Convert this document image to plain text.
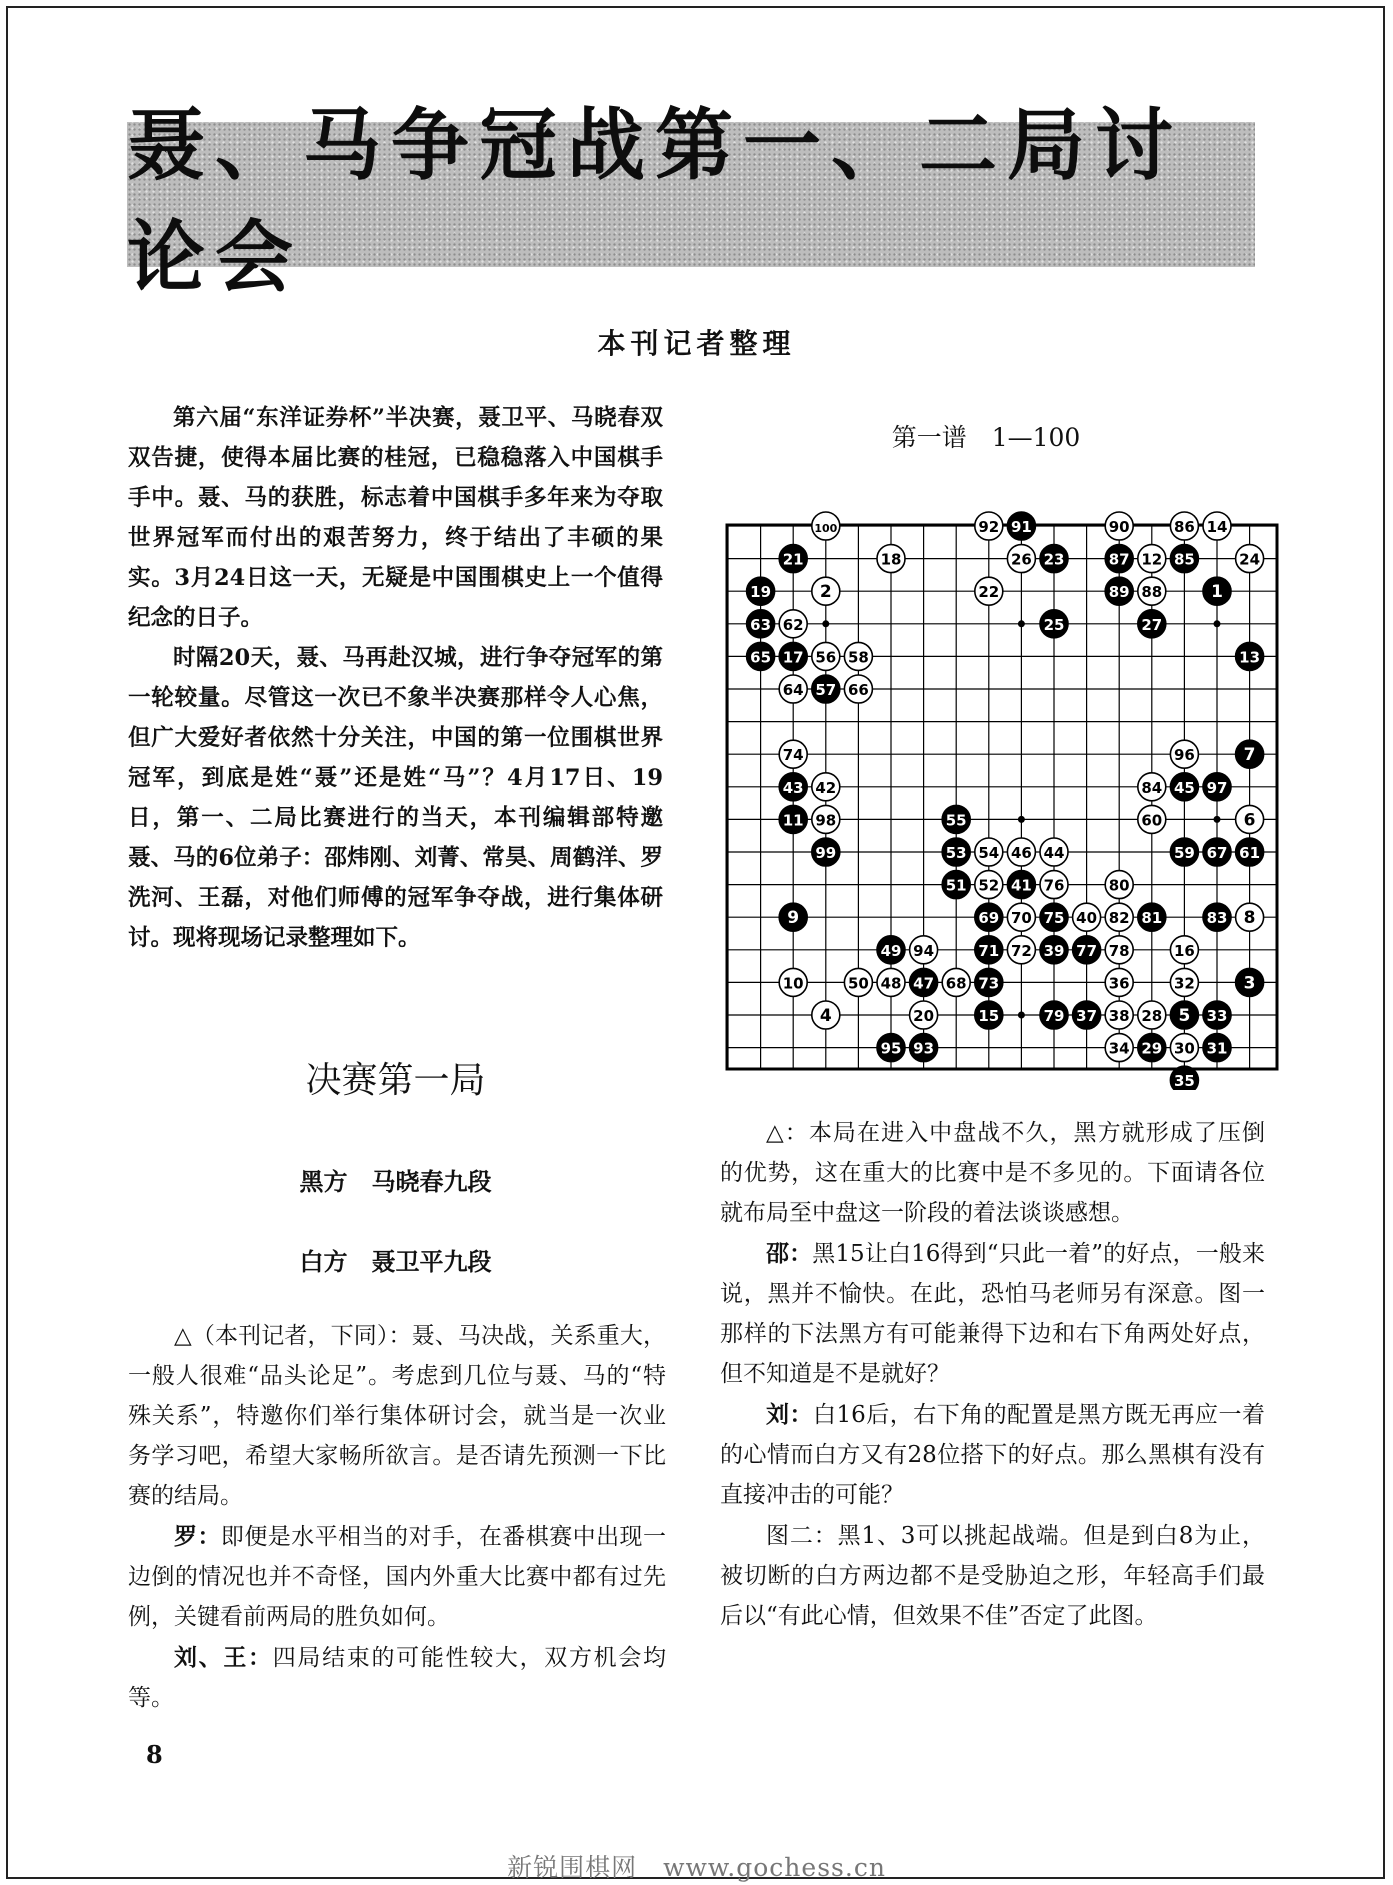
聂、马争冠战第一、二局讨论会
本刊记者整理

第六届“东洋证券杯”半决赛，聂卫平、马晓春双双告捷，使得本届比赛的桂冠，已稳稳落入中国棋手手中。聂、马的获胜，标志着中国棋手多年来为夺取世界冠军而付出的艰苦努力，终于结出了丰硕的果实。3月24日这一天，无疑是中国围棋史上一个值得纪念的日子。

时隔20天，聂、马再赴汉城，进行争夺冠军的第一轮较量。尽管这一次已不象半决赛那样令人心焦，但广大爱好者依然十分关注，中国的第一位围棋世界冠军，到底是姓“聂”还是姓“马”？4月17日、19日，第一、二局比赛进行的当天，本刊编辑部特邀聂、马的6位弟子：邵炜刚、刘菁、常昊、周鹤洋、罗洗河、王磊，对他们师傅的冠军争夺战，进行集体研讨。现将现场记录整理如下。

决赛第一局
黑方　马晓春九段
白方　聂卫平九段

△（本刊记者，下同）：聂、马决战，关系重大，一般人很难“品头论足”。考虑到几位与聂、马的“特殊关系”，特邀你们举行集体研讨会，就当是一次业务学习吧，希望大家畅所欲言。是否请先预测一下比赛的结局。

罗：即便是水平相当的对手，在番棋赛中出现一边倒的情况也并不奇怪，国内外重大比赛中都有过先例，关键看前两局的胜负如何。

刘、王：四局结束的可能性较大，双方机会均等。

第一谱　1—100
100	92 91	90	86 14
21	18	26 23	87 12 85	24
19	2	22	89 88	1
63 62	25	27
65 17 56 58	13
64 57 66
74	96	7
43 42	84 45 97
11 98	55	60	6
99	53 54 46 44	59 67 61
51 52 41 76	80
9	69 70 75 40 82 81	83 8
49 94	71 72 39 77 78	16
10	50 48 47 68 73	36	32	3
4	20	15	79 37 38 28 5 33
95 93	34 29 30 31
35

△：本局在进入中盘战不久，黑方就形成了压倒的优势，这在重大的比赛中是不多见的。下面请各位就布局至中盘这一阶段的着法谈谈感想。

邵：黑15让白16得到“只此一着”的好点，一般来说，黑并不愉快。在此，恐怕马老师另有深意。图一那样的下法黑方有可能兼得下边和右下角两处好点，但不知道是不是就好？

刘：白16后，右下角的配置是黑方既无再应一着的心情而白方又有28位搭下的好点。那么黑棋有没有直接冲击的可能？

图二：黑1、3可以挑起战端。但是到白8为止，被切断的白方两边都不是受胁迫之形，年轻高手们最后以“有此心情，但效果不佳”否定了此图。

8
新锐围棋网　www.gochess.cn
